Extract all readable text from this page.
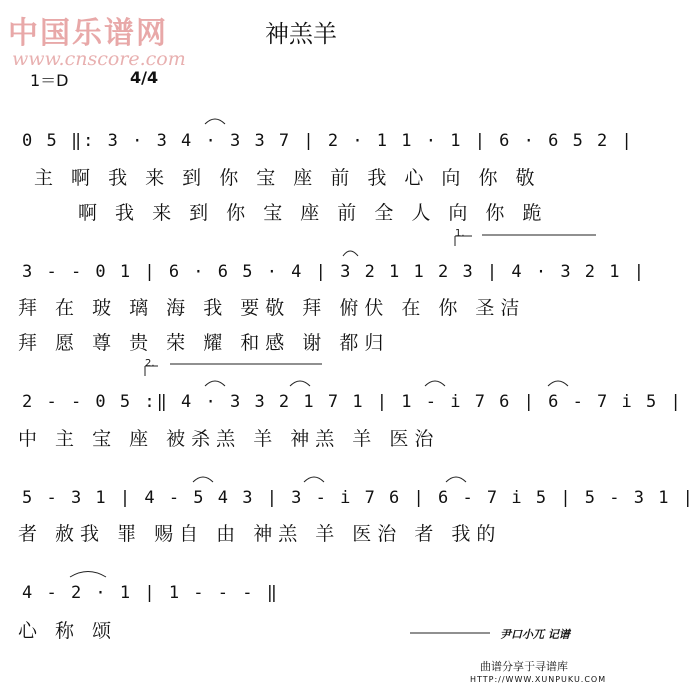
中国乐谱网
www.cnscore.com
神羔羊
1＝D	4/4
0 5 ‖: 3 · 3 4 · 3 3 7 | 2 · 1 1 · 1 | 6 · 6 5 2 |
主 啊 我 来 到 你 宝 座 前 我 心 向 你 敬
啊 我 来 到 你 宝 座 前 全 人 向 你 跪
1.
3 - - 0 1 | 6 · 6 5 · 4 | 3 2 1 1 2 3 | 4 · 3 2 1 |
拜 在 玻 璃 海 我 要敬 拜 俯伏 在 你 圣洁
拜 愿 尊 贵 荣 耀 和感 谢 都归
2.
2 - - 0 5 :‖ 4 · 3 3 2 1 7 1 | 1 - i 7 6 | 6 - 7 i 5 |
中 主 宝 座 被杀羔 羊 神羔 羊 医治
5 - 3 1 | 4 - 5 4 3 | 3 - i 7 6 | 6 - 7 i 5 | 5 - 3 1 |
者 赦我 罪 赐自 由 神羔 羊 医治 者 我的
4 - 2 · 1 | 1 - - - ‖
心 称 颂	尹口小兀 记谱
曲谱分享于寻谱库
HTTP://WWW.XUNPUKU.COM
